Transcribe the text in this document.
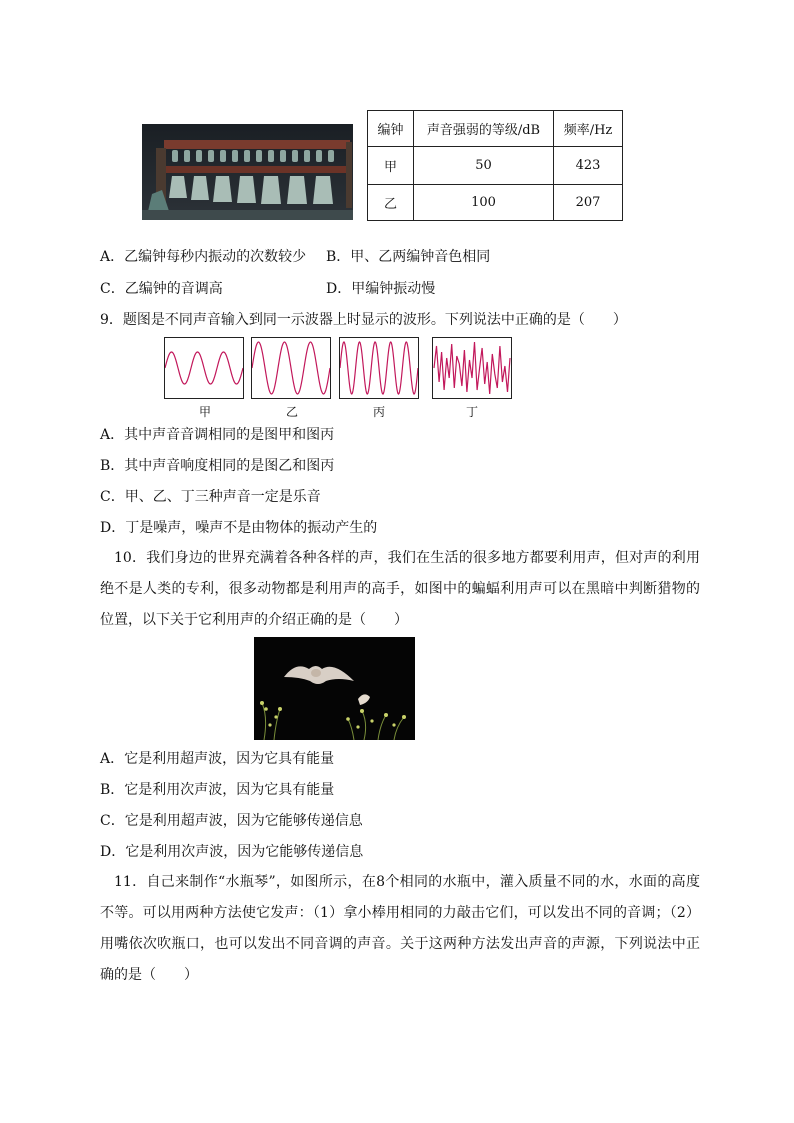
编钟	声音强弱的等级/dB	频率/Hz
甲	50	423
乙	100	207
A．乙编钟每秒内振动的次数较少 B．甲、乙两编钟音色相同
C．乙编钟的音调高	D．甲编钟振动慢
9．题图是不同声音输入到同一示波器上时显示的波形。下列说法中正确的是（　　）
甲	乙	丙	丁
A．其中声音音调相同的是图甲和图丙
B．其中声音响度相同的是图乙和图丙
C．甲、乙、丁三种声音一定是乐音
D．丁是噪声，噪声不是由物体的振动产生的
10．我们身边的世界充满着各种各样的声，我们在生活的很多地方都要利用声，但对声的利用绝不是人类的专利，很多动物都是利用声的高手，如图中的蝙蝠利用声可以在黑暗中判断猎物的位置，以下关于它利用声的介绍正确的是（　　）
A．它是利用超声波，因为它具有能量
B．它是利用次声波，因为它具有能量
C．它是利用超声波，因为它能够传递信息
D．它是利用次声波，因为它能够传递信息
11．自己来制作“水瓶琴”，如图所示，在8个相同的水瓶中，灌入质量不同的水，水面的高度不等。可以用两种方法使它发声：（1）拿小棒用相同的力敲击它们，可以发出不同的音调；（2）用嘴依次吹瓶口，也可以发出不同音调的声音。关于这两种方法发出声音的声源，下列说法中正确的是（　　）
